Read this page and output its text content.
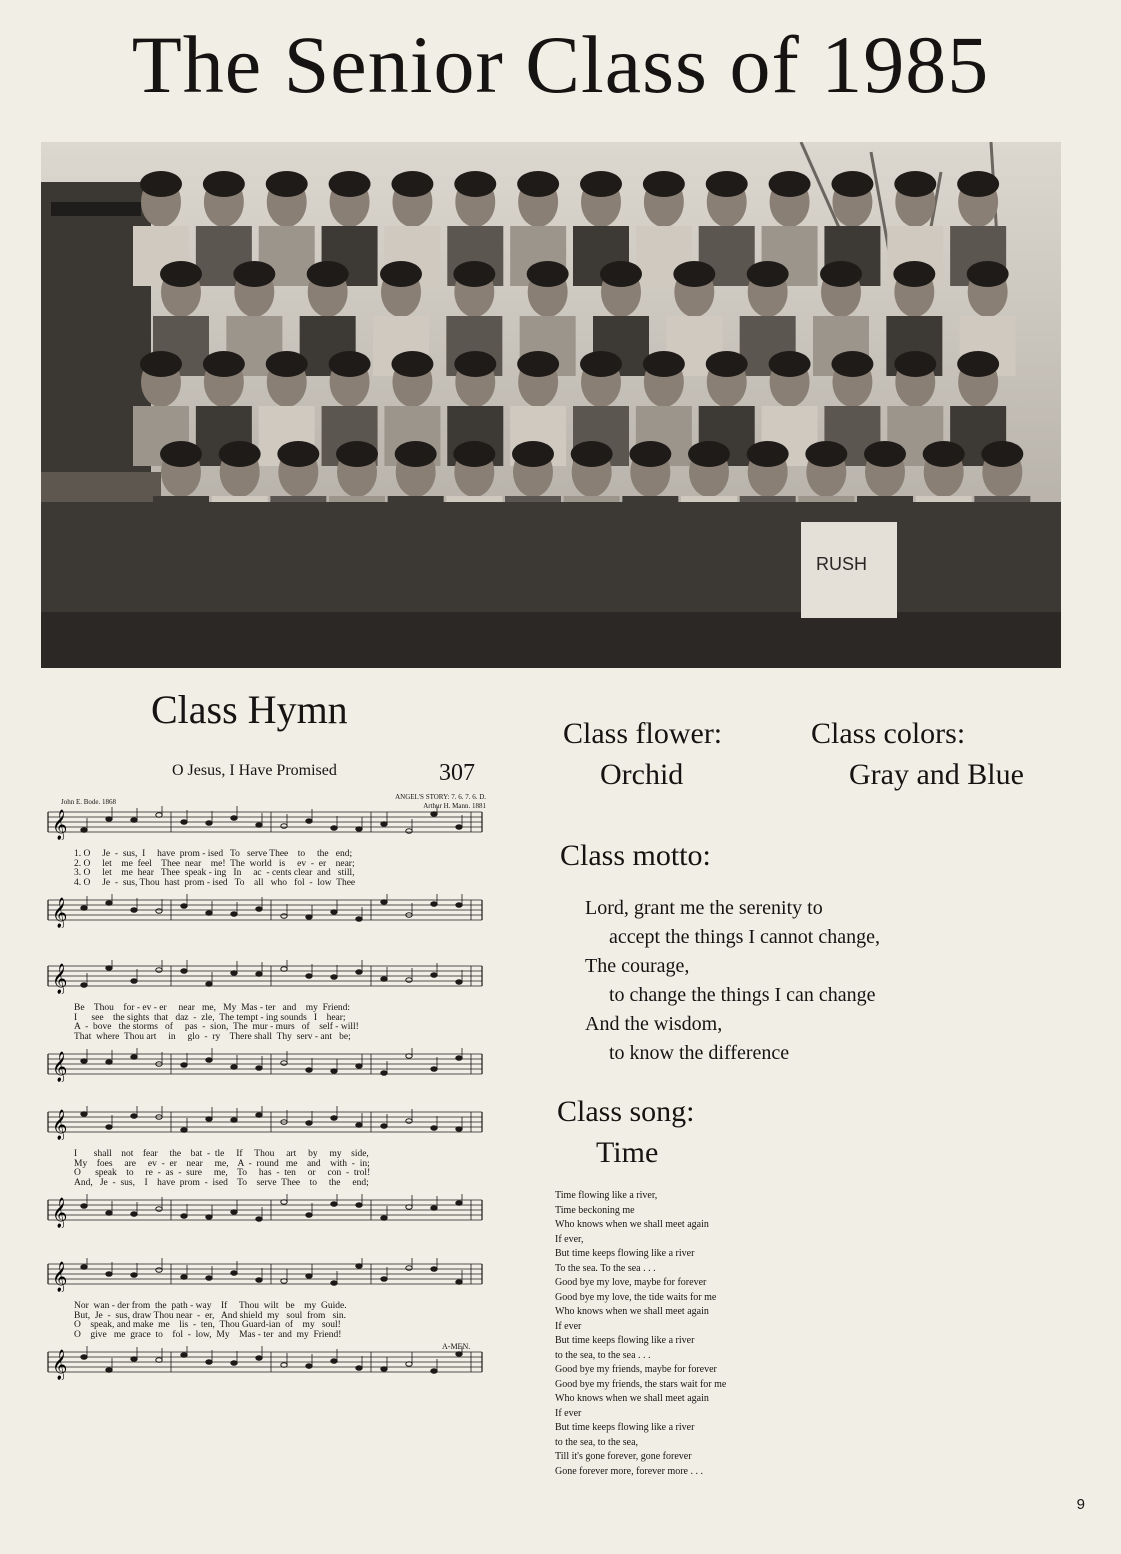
The Senior Class of 1985
RUSH
Class Hymn
O Jesus, I Have Promised	307
John E. Bode. 1868
ANGEL'S STORY: 7. 6. 7. 6. D.
Arthur H. Mann. 1881
𝄞
1. O     Je  -  sus,  I     have  prom - ised   To   serve Thee    to     the   end;
2. O     let    me  feel    Thee  near    me!  The  world   is     ev  -  er    near;
3. O     let    me  hear   Thee  speak - ing   In     ac  - cents clear  and   still,
4. O     Je  -  sus, Thou  hast  prom - ised   To    all   who   fol  -  low  Thee
𝄞
𝄞
Be    Thou    for - ev - er     near   me,   My  Mas - ter   and    my  Friend:
I      see    the sights  that   daz  -  zle,  The tempt - ing sounds   I    hear;
A  -  bove   the storms   of     pas  -  sion,  The  mur - murs   of    self - will!
That  where  Thou art     in     glo  -  ry    There shall  Thy  serv - ant   be;
𝄞
𝄞
I       shall    not    fear     the    bat  -  tle     If     Thou     art     by     my    side,
My    foes     are     ev  -  er    near     me,    A  -  round   me    and    with  -  in;
O      speak    to     re  -  as  -  sure     me,    To     has  -  ten     or     con  -  trol!
And,   Je  -  sus,    I    have  prom  -  ised    To    serve  Thee    to     the     end;
𝄞
𝄞
Nor  wan - der from  the  path - way    If     Thou  wilt   be    my  Guide.
But,  Je  -  sus, draw Thou near  -  er,   And shield  my   soul  from   sin.
O    speak, and make  me    lis  -  ten,  Thou Guard-ian  of    my   soul!
O    give   me  grace  to    fol  -  low,  My    Mas - ter  and  my  Friend!
𝄞
A-MEN.
Class flower:
Orchid
Class colors:
Gray and Blue
Class motto:
Lord, grant me the serenity to
accept the things I cannot change,
The courage,
to change the things I can change
And the wisdom,
to know the difference
Class song:
Time
Time flowing like a river,
Time beckoning me
Who knows when we shall meet again
If ever,
But time keeps flowing like a river
To the sea. To the sea . . .
Good bye my love, maybe for forever
Good bye my love, the tide waits for me
Who knows when we shall meet again
If ever
But time keeps flowing like a river
to the sea, to the sea . . .
Good bye my friends, maybe for forever
Good bye my friends, the stars wait for me
Who knows when we shall meet again
If ever
But time keeps flowing like a river
to the sea, to the sea,
Till it's gone forever, gone forever
Gone forever more, forever more . . .
9
